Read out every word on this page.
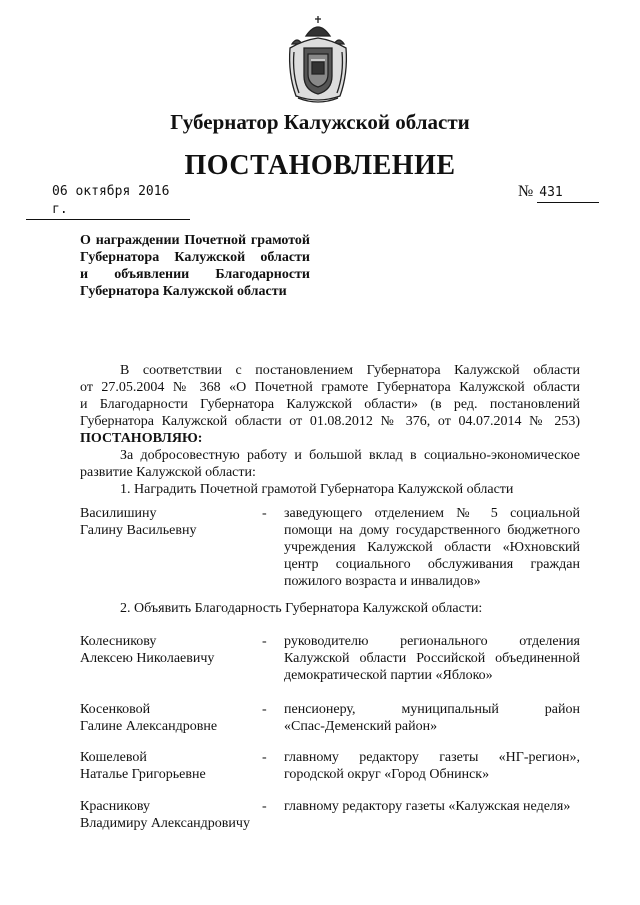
Губернатор Калужской области
ПОСТАНОВЛЕНИЕ
06 октября 2016 г.
№ 431
О награждении Почетной грамотой
Губернатора Калужской области
и объявлении Благодарности
Губернатора Калужской области
В соответствии с постановлением Губернатора Калужской области
от 27.05.2004 № 368 «О Почетной грамоте Губернатора Калужской области
и Благодарности Губернатора Калужской области» (в ред. постановлений
Губернатора Калужской области от 01.08.2012 № 376, от 04.07.2014 № 253)
ПОСТАНОВЛЯЮ:
За добросовестную работу и большой вклад в социально-экономическое
развитие Калужской области:
1. Наградить Почетной грамотой Губернатора Калужской области
Василишину
Галину Васильевну
- заведующего отделением № 5 социальной
помощи на дому государственного бюджетного
учреждения Калужской области «Юхновский
центр социального обслуживания граждан
пожилого возраста и инвалидов»
2. Объявить Благодарность Губернатора Калужской области:
Колесникову
Алексею Николаевичу
- руководителю регионального отделения
Калужской области Российской объединенной
демократической партии «Яблоко»
Косенковой
Галине Александровне
- пенсионеру, муниципальный район
«Спас-Деменский район»
Кошелевой
Наталье Григорьевне
- главному редактору газеты «НГ-регион»,
городской округ «Город Обнинск»
Красникову
Владимиру Александровичу
- главному редактору газеты «Калужская неделя»
